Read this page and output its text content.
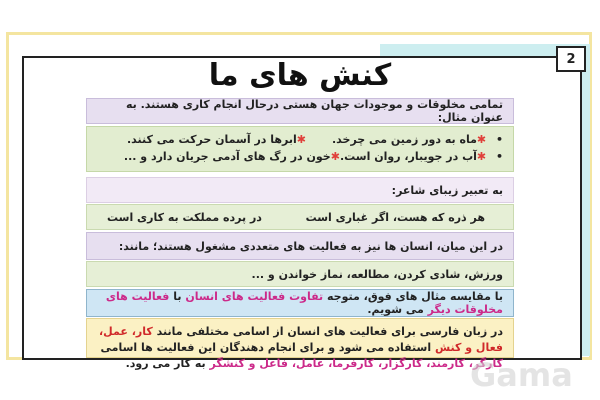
2
کنش های ما
تمامی مخلوقات و موجودات جهان هستی درحال انجام کاری هستند. به عنوان مثال:
• ✱ماه به دور زمین می چرخد.
✱ابرها در آسمان حرکت می کنند.
• ✱آب در جویبار، روان است.
✱خون در رگ های آدمی جریان دارد و ...
به تعبیر زیبای شاعر:
هر ذره که هست، اگر غباری است
در پرده مملکت به کاری است
در این میان، انسان ها نیز به فعالیت های متعددی مشغول هستند؛ مانند:
ورزش، شادی کردن، مطالعه، نماز خواندن و ...
با مقایسه مثال های فوق، متوجه تفاوت فعالیت های انسان با فعالیت های مخلوقات دیگر می شویم.
در زبان فارسی برای فعالیت های انسان از اسامی مختلفی مانند کار، عمل، فعال و کنش استفاده می شود و برای انجام دهندگان این فعالیت ها اسامی کارگر، کارمند، کارگزار، کارفرما، عامل، فاعل و کنشگر به کار می رود.	Gama
